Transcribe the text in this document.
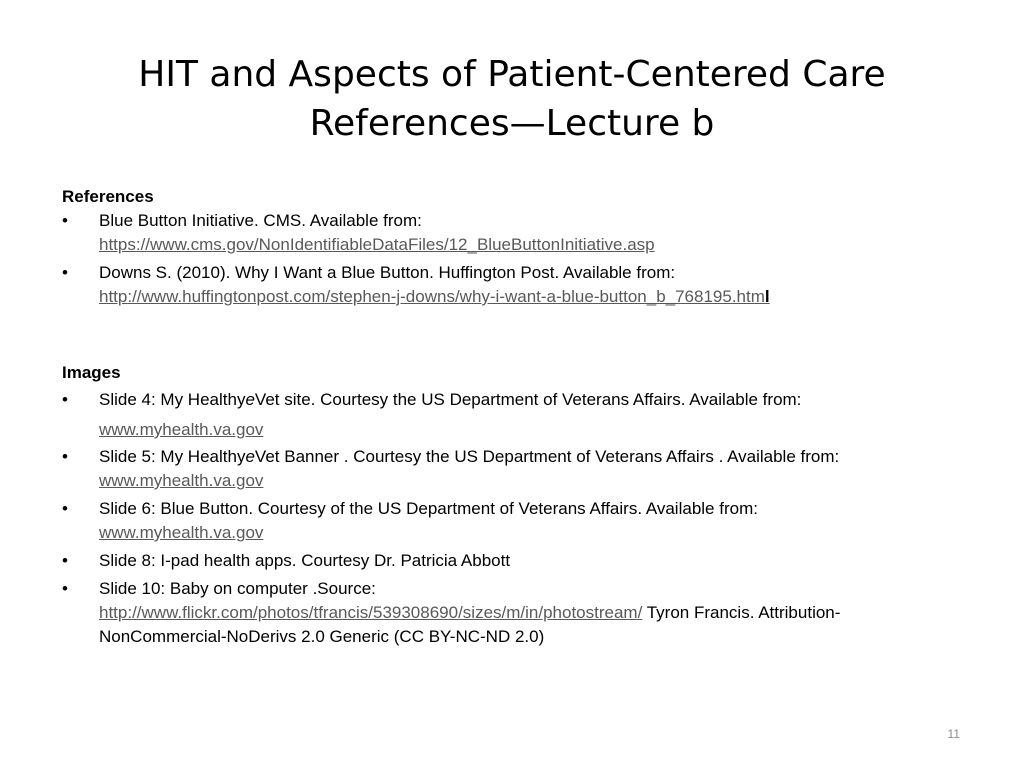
HIT and Aspects of Patient-Centered Care
References—Lecture b
References
•	Blue Button Initiative. CMS. Available from:
https://www.cms.gov/NonIdentifiableDataFiles/12_BlueButtonInitiative.asp
•	Downs S. (2010). Why I Want a Blue Button. Huffington Post. Available from:
http://www.huffingtonpost.com/stephen-j-downs/why-i-want-a-blue-button_b_768195.html
Images
•	Slide 4: My HealthyeVet site. Courtesy the US Department of Veterans Affairs. Available from:
www.myhealth.va.gov
•	Slide 5: My HealthyeVet Banner . Courtesy the US Department of Veterans Affairs . Available from: www.myhealth.va.gov
•	Slide 6: Blue Button. Courtesy of the US Department of Veterans Affairs. Available from:
www.myhealth.va.gov
•	Slide 8: I-pad health apps. Courtesy Dr. Patricia Abbott
•	Slide 10: Baby on computer .Source:
http://www.flickr.com/photos/tfrancis/539308690/sizes/m/in/photostream/ Tyron Francis. Attribution-NonCommercial-NoDerivs 2.0 Generic (CC BY-NC-ND 2.0)
11
